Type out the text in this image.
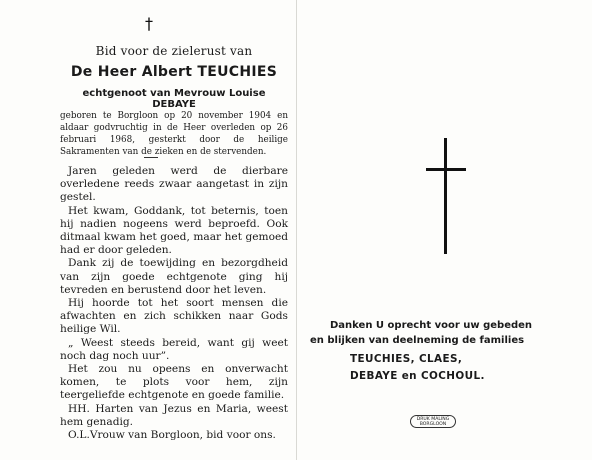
†
Bid voor de zielerust van
De Heer Albert TEUCHIES
echtgenoot van Mevrouw Louise DEBAYE
geboren te Borgloon op 20 november 1904 en aldaar godvruchtig in de Heer overleden op 26 februari 1968, gesterkt door de heilige Sakramenten van de zieken en de stervenden.

Jaren geleden werd de dierbare overledene reeds zwaar aangetast in zijn gestel.

Het kwam, Goddank, tot beternis, toen hij nadien nogeens werd beproefd. Ook ditmaal kwam het goed, maar het gemoed had er door geleden.

Dank zij de toewijding en bezorgdheid van zijn goede echtgenote ging hij tevreden en berustend door het leven.

Hij hoorde tot het soort mensen die afwachten en zich schikken naar Gods heilige Wil.

„ Weest steeds bereid, want gij weet noch dag noch uur”.

Het zou nu opeens en onverwacht komen, te plots voor hem, zijn teergeliefde echtgenote en goede familie.

HH. Harten van Jezus en Maria, weest hem genadig.

O.L.Vrouw van Borgloon, bid voor ons.

Danken U oprecht voor uw gebeden
en blijken van deelneming de families
TEUCHIES, CLAES,
DEBAYE en COCHOUL.
DRUK MALING
BORGLOON
